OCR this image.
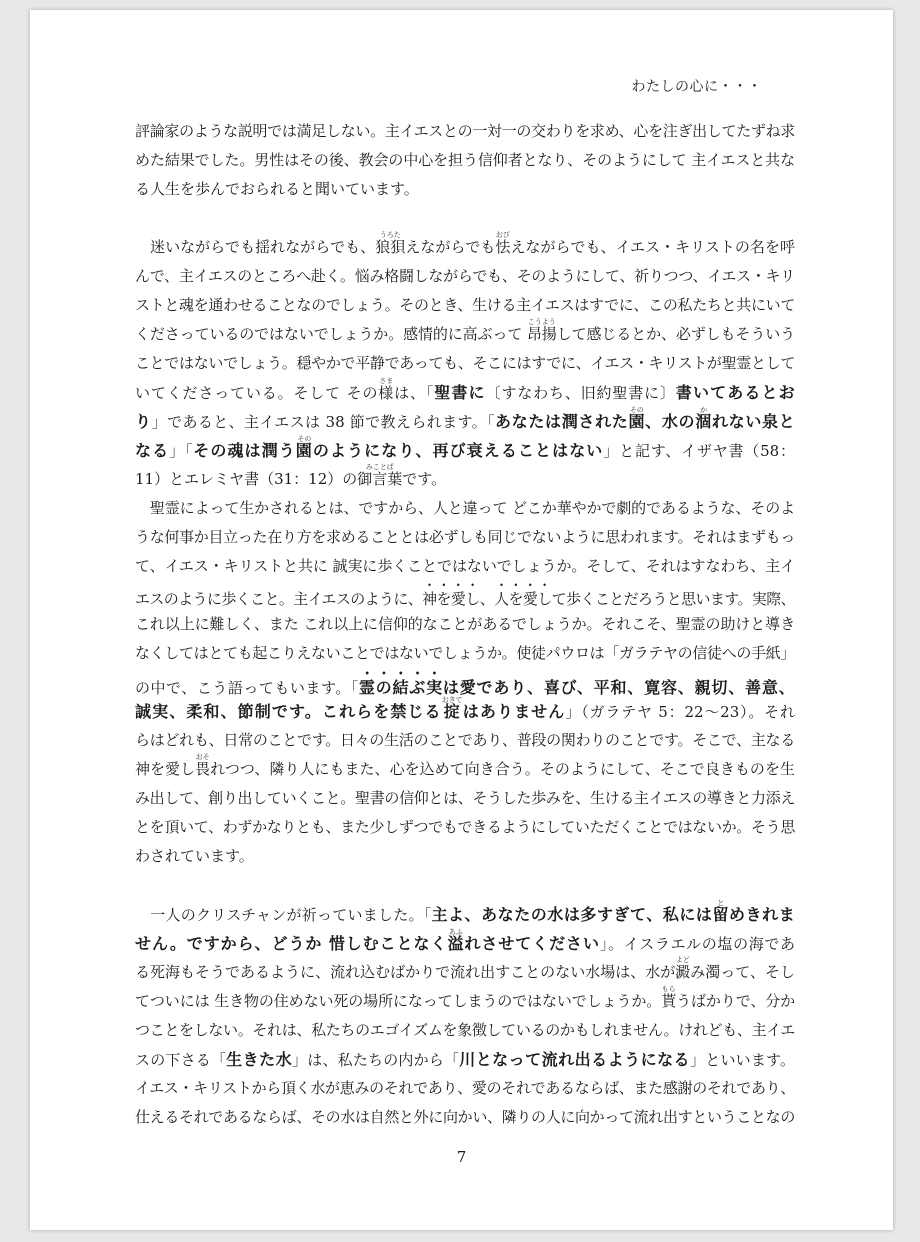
わたしの心に・・・
評論家のような説明では満足しない。主イエスとの一対一の交わりを求め、心を注ぎ出してたずね求
めた結果でした。男性はその後、教会の中心を担う信仰者となり、そのようにして 主イエスと共な
る人生を歩んでおられると聞いています。
　迷いながらでも揺れながらでも、狼狽
うろた
えながらでも怯
おび
えながらでも、イエス・キリストの名を呼
んで、主イエスのところへ赴く。悩み格闘しながらでも、そのようにして、祈りつつ、イエス・キリ
ストと魂を通わせることなのでしょう。そのとき、生ける主イエスはすでに、この私たちと共にいて
くださっているのではないでしょうか。感情的に高ぶって 昂揚
こうよう
して感じるとか、必ずしもそういう
ことではないでしょう。穏やかで平静であっても、そこにはすでに、イエス・キリストが聖霊として
いてくださっている。そして その様
さま
は、「聖書に〔すなわち、旧約聖書に〕書いてあるとお
り」であると、主イエスは 38 節で教えられます。「あなたは潤された園
その
、水の涸
か
れない泉と
なる」「その魂は潤う園
その
のようになり、再び衰えることはない」と記す、イザヤ書（58：
11）とエレミヤ書（31：12）の御言葉
みことば
です。
　聖霊によって生かされるとは、ですから、人と違って どこか華やかで劇的であるような、そのよ
うな何事か目立った在り方を求めることとは必ずしも同じでないように思われます。それはまずもっ
て、イエス・キリストと共に 誠実に歩くことではないでしょうか。そして、それはすなわち、主イ
エスのように歩くこと。主イエスのように、神を愛し、人を愛して歩くことだろうと思います。実際、
これ以上に難しく、また これ以上に信仰的なことがあるでしょうか。それこそ、聖霊の助けと導き
なくしてはとても起こりえないことではないでしょうか。使徒パウロは「ガラテヤの信徒への手紙」
の中で、こう語ってもいます。「霊の結ぶ実は愛であり、喜び、平和、寛容、親切、善意、
誠実、柔和、節制です。これらを禁じる 掟
おきて
はありません」（ガラテヤ 5：22～23）。それ
らはどれも、日常のことです。日々の生活のことであり、普段の関わりのことです。そこで、主なる
神を愛し畏
おそ
れつつ、隣り人にもまた、心を込めて向き合う。そのようにして、そこで良きものを生
み出して、創り出していくこと。聖書の信仰とは、そうした歩みを、生ける主イエスの導きと力添え
とを頂いて、わずかなりとも、また少しずつでもできるようにしていただくことではないか。そう思
わされています。
　一人のクリスチャンが祈っていました。「主よ、あなたの水は多すぎて、私には留
と
めきれま
せん。ですから、どうか 惜しむことなく溢
あふ
れさせてください」。イスラエルの塩の海であ
る死海もそうであるように、流れ込むばかりで流れ出すことのない水場は、水が澱
よど
み濁って、そし
てついには 生き物の住めない死の場所になってしまうのではないでしょうか。貰
もら
うばかりで、分か
つことをしない。それは、私たちのエゴイズムを象徴しているのかもしれません。けれども、主イエ
スの下さる「生きた水」は、私たちの内から「川となって流れ出るようになる」といいます。
イエス・キリストから頂く水が恵みのそれであり、愛のそれであるならば、また感謝のそれであり、
仕えるそれであるならば、その水は自然と外に向かい、隣りの人に向かって流れ出すということなの
7
